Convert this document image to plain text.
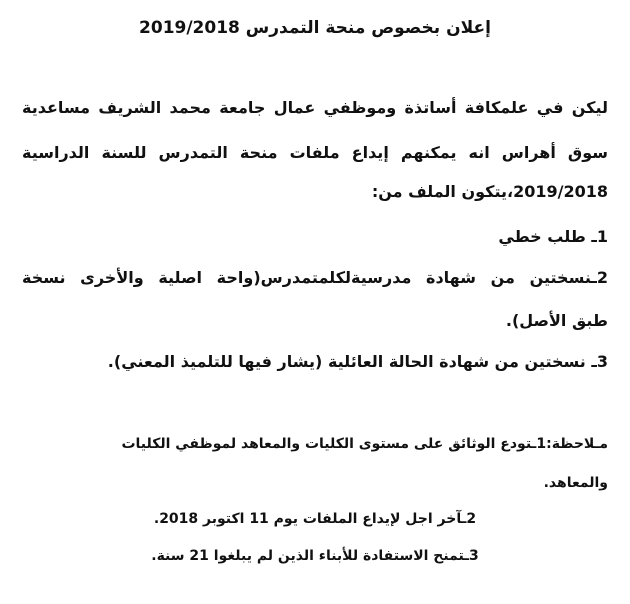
إعلان بخصوص منحة التمدرس 2019/2018
ليكن في علمكافة أساتذة وموظفي عمال جامعة محمد الشريف مساعدية
سوق أهراس انه يمكنهم إيداع ملفات منحة التمدرس للسنة الدراسية
2019/2018،يتكون الملف من:
1ـ طلب خطي
2ـنسختين من شهادة مدرسيةلكلمتمدرس(واحة اصلية والأخرى نسخة
طبق الأصل).
3ـ نسختين من شهادة الحالة العائلية (يشار فيها للتلميذ المعني).
مـلاحظة:1ـتودع الوثائق على مستوى الكليات والمعاهد لموظفي الكليات
والمعاهد.
2ـآخر اجل لإيداع الملفات يوم 11 اكتوبر 2018.
3ـتمنح الاستفادة للأبناء الذين لم يبلغوا 21 سنة.
